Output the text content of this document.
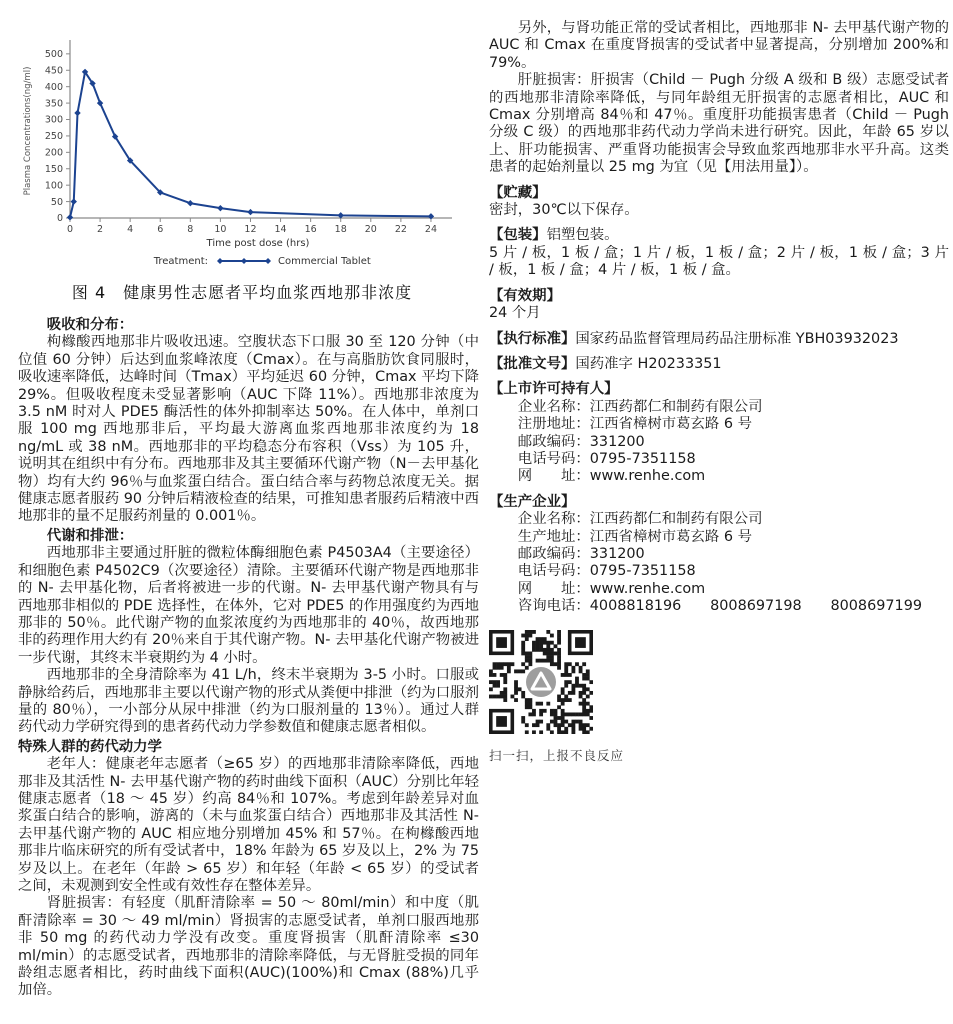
0
50
100
150
200
250
300
350
400
450
500
0	2	4	6	8 10 12 14 16 18 20 22 24
Time post dose (hrs)
Plasma Concentrations(ng/ml)
Treatment:	Commercial Tablet
图 4　健康男性志愿者平均血浆西地那非浓度
吸收和分布：

枸橼酸西地那非片吸收迅速。空腹状态下口服 30 至 120 分钟（中位值 60 分钟）后达到血浆峰浓度（Cmax）。在与高脂肪饮食同服时，吸收速率降低，达峰时间（Tmax）平均延迟 60 分钟，Cmax 平均下降 29%。但吸收程度未受显著影响（AUC 下降 11%）。西地那非浓度为 3.5 nM 时对人 PDE5 酶活性的体外抑制率达 50%。在人体中，单剂口服 100 mg 西地那非后，平均最大游离血浆西地那非浓度约为 18 ng/mL 或 38 nM。西地那非的平均稳态分布容积（Vss）为 105 升，说明其在组织中有分布。西地那非及其主要循环代谢产物（N－去甲基化物）均有大约 96％与血浆蛋白结合。蛋白结合率与药物总浓度无关。据健康志愿者服药 90 分钟后精液检查的结果，可推知患者服药后精液中西地那非的量不足服药剂量的 0.001％。

代谢和排泄：

西地那非主要通过肝脏的微粒体酶细胞色素 P4503A4（主要途径）和细胞色素 P4502C9（次要途径）清除。主要循环代谢产物是西地那非的 N- 去甲基化物，后者将被进一步的代谢。N- 去甲基代谢产物具有与西地那非相似的 PDE 选择性，在体外，它对 PDE5 的作用强度约为西地那非的 50％。此代谢产物的血浆浓度约为西地那非的 40％，故西地那非的药理作用大约有 20％来自于其代谢产物。N- 去甲基化代谢产物被进一步代谢，其终末半衰期约为 4 小时。

西地那非的全身清除率为 41 L/h，终末半衰期为 3-5 小时。口服或静脉给药后，西地那非主要以代谢产物的形式从粪便中排泄（约为口服剂量的 80％），一小部分从尿中排泄（约为口服剂量的 13％）。通过人群药代动力学研究得到的患者药代动力学参数值和健康志愿者相似。

特殊人群的药代动力学

老年人：健康老年志愿者（≥65 岁）的西地那非清除率降低，西地那非及其活性 N- 去甲基代谢产物的药时曲线下面积（AUC）分别比年轻健康志愿者（18 ～ 45 岁）约高 84％和 107%。考虑到年龄差异对血浆蛋白结合的影响，游离的（未与血浆蛋白结合）西地那非及其活性 N- 去甲基代谢产物的 AUC 相应地分别增加 45% 和 57％。在枸橼酸西地那非片临床研究的所有受试者中，18% 年龄为 65 岁及以上，2% 为 75 岁及以上。在老年（年龄 > 65 岁）和年轻（年龄 < 65 岁）的受试者之间，未观测到安全性或有效性存在整体差异。

肾脏损害：有轻度（肌酐清除率 = 50 ～ 80ml/min）和中度（肌酐清除率 = 30 ～ 49 ml/min）肾损害的志愿受试者，单剂口服西地那非 50 mg 的药代动力学没有改变。重度肾损害（肌酐清除率 ≤30 ml/min）的志愿受试者，西地那非的清除率降低，与无肾脏受损的同年龄组志愿者相比，药时曲线下面积(AUC)(100%)和 Cmax (88%)几乎加倍。

另外，与肾功能正常的受试者相比，西地那非 N- 去甲基代谢产物的 AUC 和 Cmax 在重度肾损害的受试者中显著提高，分别增加 200%和 79%。

肝脏损害：肝损害（Child － Pugh 分级 A 级和 B 级）志愿受试者的西地那非清除率降低，与同年龄组无肝损害的志愿者相比，AUC 和 Cmax 分别增高 84％和 47％。重度肝功能损害患者（Child － Pugh 分级 C 级）的西地那非药代动力学尚未进行研究。因此，年龄 65 岁以上、肝功能损害、严重肾功能损害会导致血浆西地那非水平升高。这类患者的起始剂量以 25 mg 为宜（见【用法用量】）。

【贮藏】
密封，30℃以下保存。
【包装】铝塑包装。
5 片 / 板，1 板 / 盒；1 片 / 板，1 板 / 盒；2 片 / 板，1 板 / 盒；3 片 / 板，1 板 / 盒；4 片 / 板，1 板 / 盒。
【有效期】
24 个月
【执行标准】国家药品监督管理局药品注册标准 YBH03932023
【批准文号】国药准字 H20233351
【上市许可持有人】
企业名称： 江西药都仁和制药有限公司
注册地址： 江西省樟树市葛玄路 6 号
邮政编码： 331200
电话号码： 0795-7351158
网　　址： www.renhe.com
【生产企业】
企业名称： 江西药都仁和制药有限公司
生产地址： 江西省樟树市葛玄路 6 号
邮政编码： 331200
电话号码： 0795-7351158
网　　址： www.renhe.com
咨询电话： 4008818196　　8008697198　　8008697199
扫一扫，上报不良反应
